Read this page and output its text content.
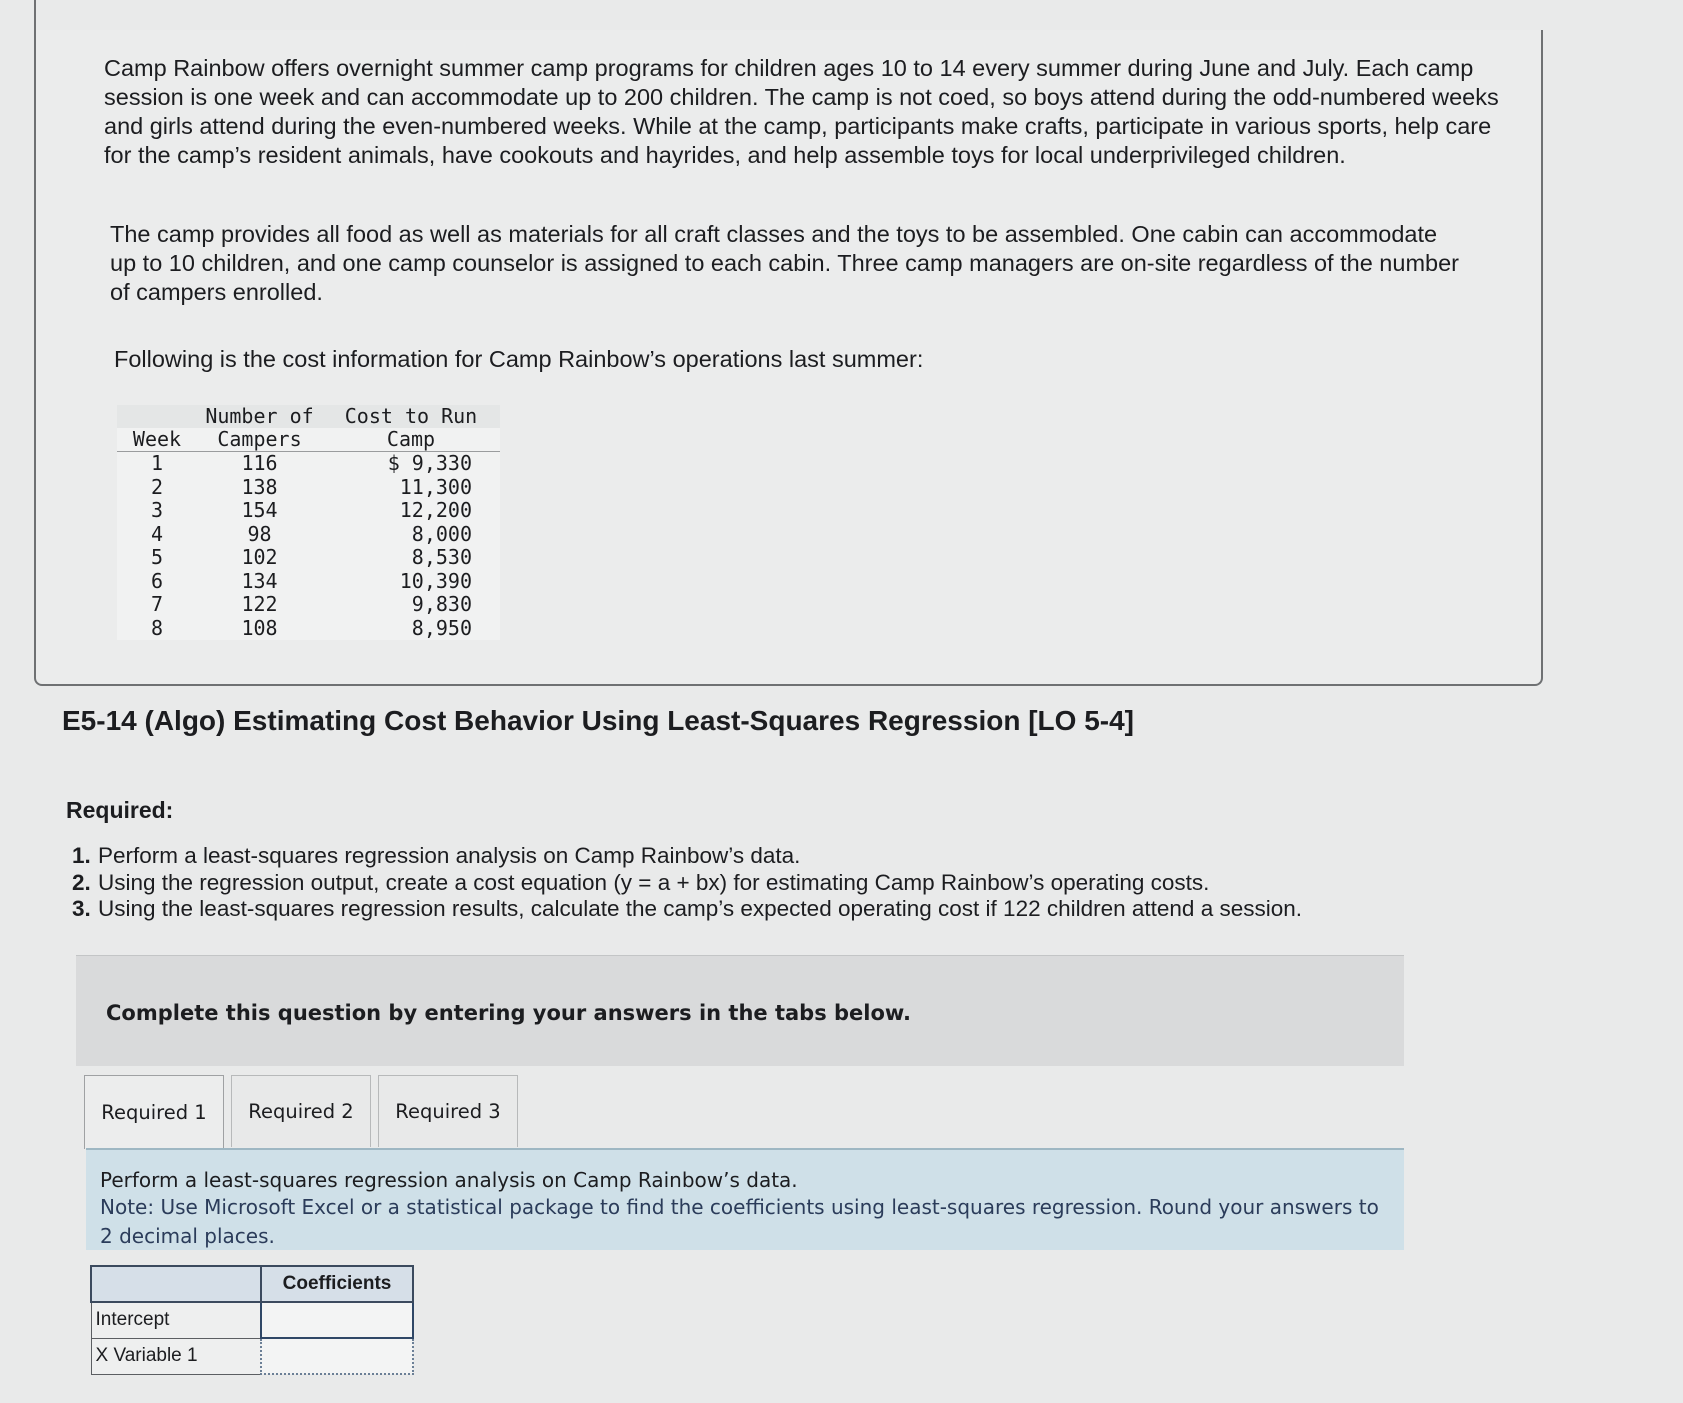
Camp Rainbow offers overnight summer camp programs for children ages 10 to 14 every summer during June and July. Each camp session is one week and can accommodate up to 200 children. The camp is not coed, so boys attend during the odd-numbered weeks and girls attend during the even-numbered weeks. While at the camp, participants make crafts, participate in various sports, help care for the camp’s resident animals, have cookouts and hayrides, and help assemble toys for local underprivileged children.

The camp provides all food as well as materials for all craft classes and the toys to be assembled. One cabin can accommodate up to 10 children, and one camp counselor is assigned to each cabin. Three camp managers are on-site regardless of the number of campers enrolled.

Following is the cost information for Camp Rainbow’s operations last summer:

	Number of	Cost to Run
Week	Campers	Camp
1	116	$ 9,330
2	138	11,300
3	154	12,200
4	98	8,000
5	102	8,530
6	134	10,390
7	122	9,830
8	108	8,950
E5-14 (Algo) Estimating Cost Behavior Using Least-Squares Regression [LO 5-4]
Required:
1. Perform a least-squares regression analysis on Camp Rainbow’s data.
2. Using the regression output, create a cost equation (y = a + bx) for estimating Camp Rainbow’s operating costs.
3. Using the least-squares regression results, calculate the camp’s expected operating cost if 122 children attend a session.
Complete this question by entering your answers in the tabs below.
Required 1	Required 2	Required 3
Perform a least-squares regression analysis on Camp Rainbow’s data.
Note: Use Microsoft Excel or a statistical package to find the coefficients using least-squares regression. Round your answers to 2 decimal places.
	Coefficients
Intercept	
X Variable 1	
